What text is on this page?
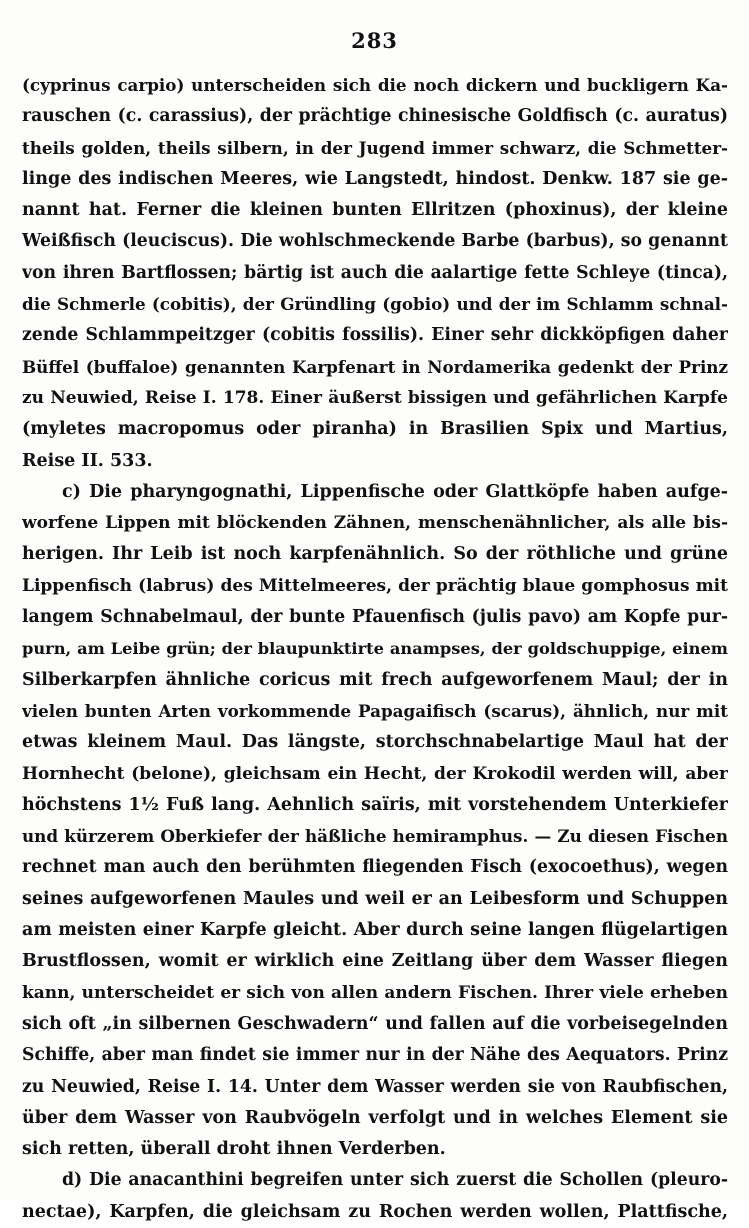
283
(cyprinus carpio) unterscheiden sich die noch dickern und buckligern Ka-
rauschen (c. carassius), der prächtige chinesische Goldfisch (c. auratus)
theils golden, theils silbern, in der Jugend immer schwarz, die Schmetter-
linge des indischen Meeres, wie Langstedt, hindost. Denkw. 187 sie ge-
nannt hat. Ferner die kleinen bunten Ellritzen (phoxinus), der kleine
Weißfisch (leuciscus). Die wohlschmeckende Barbe (barbus), so genannt
von ihren Bartflossen; bärtig ist auch die aalartige fette Schleye (tinca),
die Schmerle (cobitis), der Gründling (gobio) und der im Schlamm schnal-
zende Schlammpeitzger (cobitis fossilis). Einer sehr dickköpfigen daher
Büffel (buffaloe) genannten Karpfenart in Nordamerika gedenkt der Prinz
zu Neuwied, Reise I. 178. Einer äußerst bissigen und gefährlichen Karpfe
(myletes macropomus oder piranha) in Brasilien Spix und Martius,
Reise II. 533.
c) Die pharyngognathi, Lippenfische oder Glattköpfe haben aufge-
worfene Lippen mit blöckenden Zähnen, menschenähnlicher, als alle bis-
herigen. Ihr Leib ist noch karpfenähnlich. So der röthliche und grüne
Lippenfisch (labrus) des Mittelmeeres, der prächtig blaue gomphosus mit
langem Schnabelmaul, der bunte Pfauenfisch (julis pavo) am Kopfe pur-
purn, am Leibe grün; der blaupunktirte anampses, der goldschuppige, einem
Silberkarpfen ähnliche coricus mit frech aufgeworfenem Maul; der in
vielen bunten Arten vorkommende Papagaifisch (scarus), ähnlich, nur mit
etwas kleinem Maul. Das längste, storchschnabelartige Maul hat der
Hornhecht (belone), gleichsam ein Hecht, der Krokodil werden will, aber
höchstens 1½ Fuß lang. Aehnlich saïris, mit vorstehendem Unterkiefer
und kürzerem Oberkiefer der häßliche hemiramphus. — Zu diesen Fischen
rechnet man auch den berühmten fliegenden Fisch (exocoethus), wegen
seines aufgeworfenen Maules und weil er an Leibesform und Schuppen
am meisten einer Karpfe gleicht. Aber durch seine langen flügelartigen
Brustflossen, womit er wirklich eine Zeitlang über dem Wasser fliegen
kann, unterscheidet er sich von allen andern Fischen. Ihrer viele erheben
sich oft „in silbernen Geschwadern“ und fallen auf die vorbeisegelnden
Schiffe, aber man findet sie immer nur in der Nähe des Aequators. Prinz
zu Neuwied, Reise I. 14. Unter dem Wasser werden sie von Raubfischen,
über dem Wasser von Raubvögeln verfolgt und in welches Element sie
sich retten, überall droht ihnen Verderben.
d) Die anacanthini begreifen unter sich zuerst die Schollen (pleuro-
nectae), Karpfen, die gleichsam zu Rochen werden wollen, Plattfische,
